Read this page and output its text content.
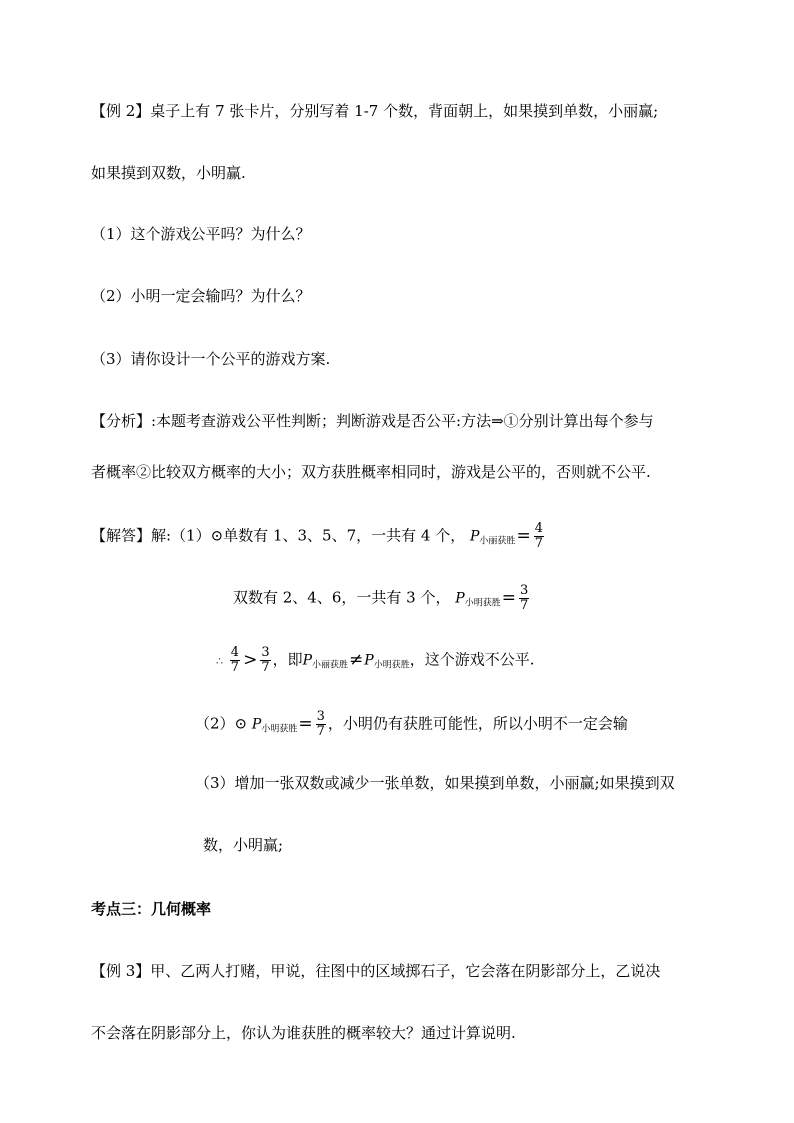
【例 2】桌子上有 7 张卡片，分别写着 1-7 个数，背面朝上，如果摸到单数，小丽赢;
如果摸到双数，小明赢.
（1）这个游戏公平吗？为什么？
（2）小明一定会输吗？为什么？
（3）请你设计一个公平的游戏方案.
【分析】:本题考查游戏公平性判断；判断游戏是否公平:方法⇒①分别计算出每个参与
者概率②比较双方概率的大小；双方获胜概率相同时，游戏是公平的，否则就不公平.
【解答】解:（1）⊙单数有 1、3、5、7，一共有 4 个， $P_{小丽获胜}= \frac{4}{7}$
双数有 2、4、6，一共有 3 个， $P_{小明获胜}= \frac{3}{7}$
∴ $\frac{4}{7} > \frac{3}{7}$ ，即$P_{小丽获胜}\ne P_{小明获胜}$，这个游戏不公平.
（2）⊙ $P_{小明获胜}= \frac{3}{7}$ ，小明仍有获胜可能性，所以小明不一定会输
（3）增加一张双数或减少一张单数，如果摸到单数，小丽赢;如果摸到双
数，小明赢;
考点三：几何概率
【例 3】甲、乙两人打赌，甲说，往图中的区域掷石子，它会落在阴影部分上，乙说决
不会落在阴影部分上，你认为谁获胜的概率较大？通过计算说明.
